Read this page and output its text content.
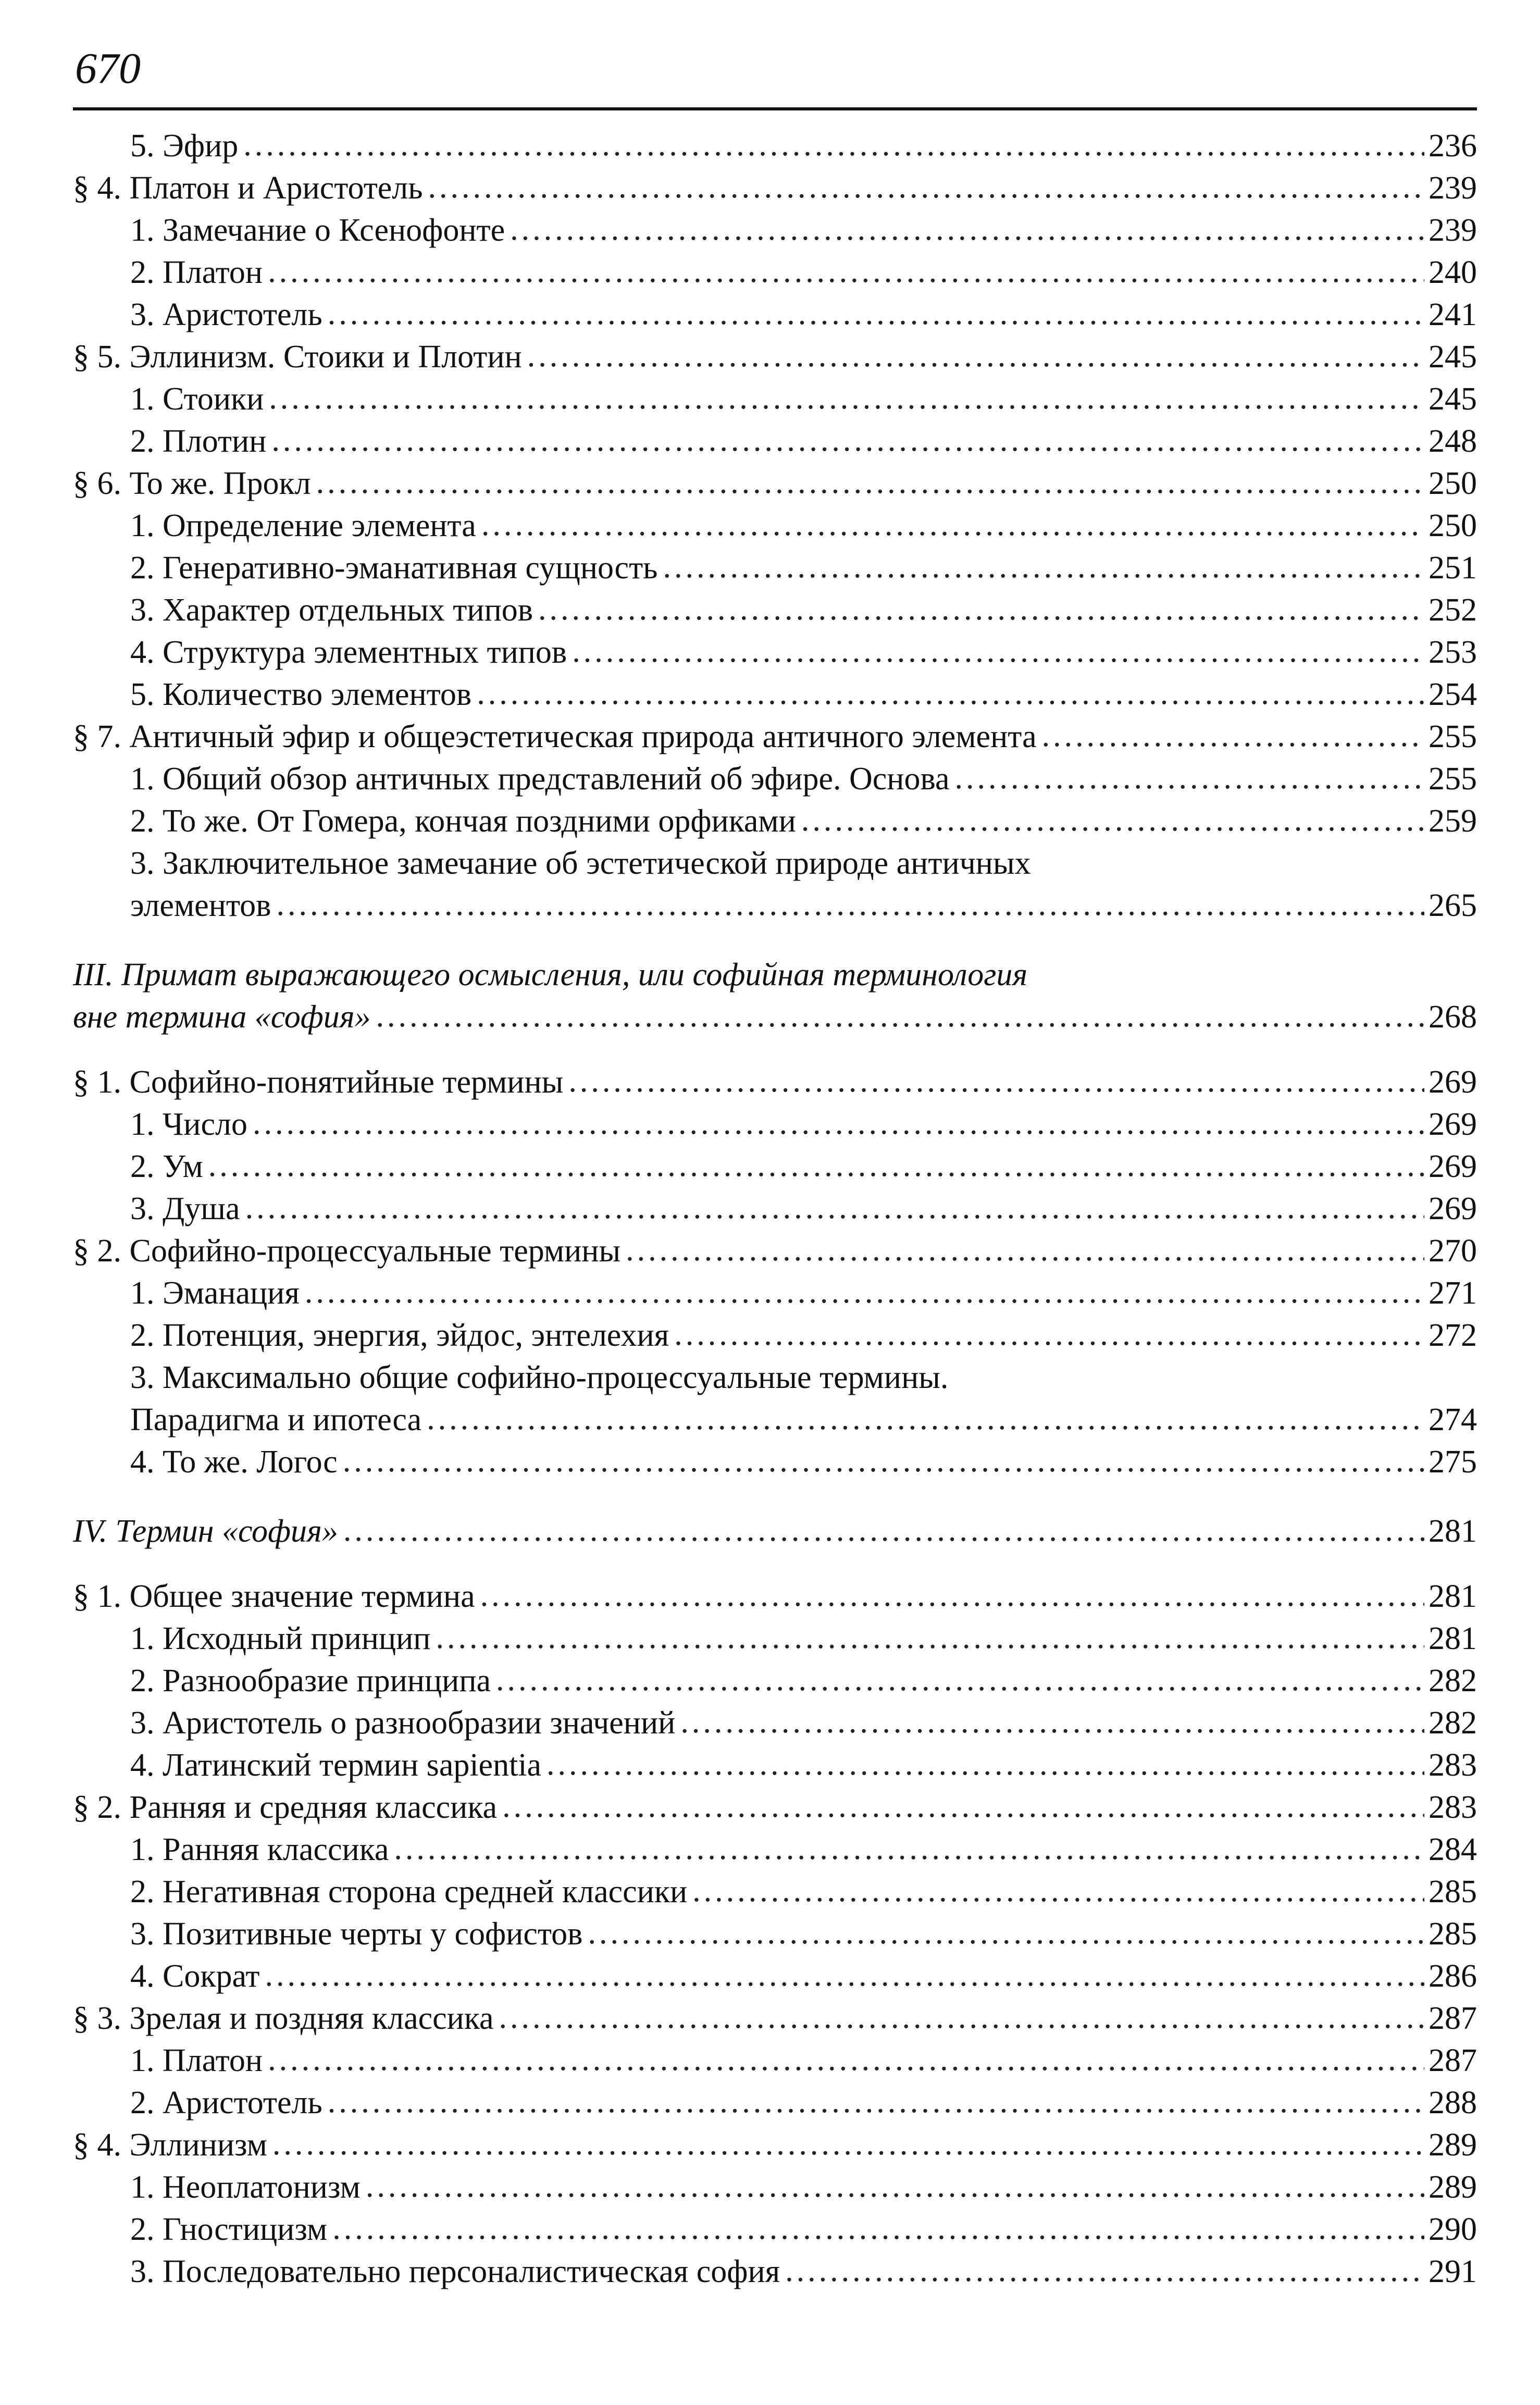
670
5. Эфир .....	236
§ 4. Платон и Аристотель .....	239
1. Замечание о Ксенофонте .....	239
2. Платон .....	240
3. Аристотель .....	241
§ 5. Эллинизм. Стоики и Плотин .....	245
1. Стоики .....	245
2. Плотин .....	248
§ 6. То же. Прокл .....	250
1. Определение элемента .....	250
2. Генеративно-эманативная сущность .....	251
3. Характер отдельных типов .....	252
4. Структура элементных типов .....	253
5. Количество элементов .....	254
§ 7. Античный эфир и общеэстетическая природа античного элемента .....	255
1. Общий обзор античных представлений об эфире. Основа .....	255
2. То же. От Гомера, кончая поздними орфиками .....	259
3. Заключительное замечание об эстетической природе античных
элементов .....	265
III. Примат выражающего осмысления, или софийная терминология
вне термина «софия» .....	268
§ 1. Софийно-понятийные термины .....	269
1. Число .....	269
2. Ум .....	269
3. Душа .....	269
§ 2. Софийно-процессуальные термины .....	270
1. Эманация .....	271
2. Потенция, энергия, эйдос, энтелехия .....	272
3. Максимально общие софийно-процессуальные термины.
Парадигма и ипотеса .....	274
4. То же. Логос .....	275
IV. Термин «софия» .....	281
§ 1. Общее значение термина .....	281
1. Исходный принцип .....	281
2. Разнообразие принципа .....	282
3. Аристотель о разнообразии значений .....	282
4. Латинский термин sapientia .....	283
§ 2. Ранняя и средняя классика .....	283
1. Ранняя классика .....	284
2. Негативная сторона средней классики .....	285
3. Позитивные черты у софистов .....	285
4. Сократ .....	286
§ 3. Зрелая и поздняя классика .....	287
1. Платон .....	287
2. Аристотель .....	288
§ 4. Эллинизм .....	289
1. Неоплатонизм .....	289
2. Гностицизм .....	290
3. Последовательно персоналистическая софия .....	291
